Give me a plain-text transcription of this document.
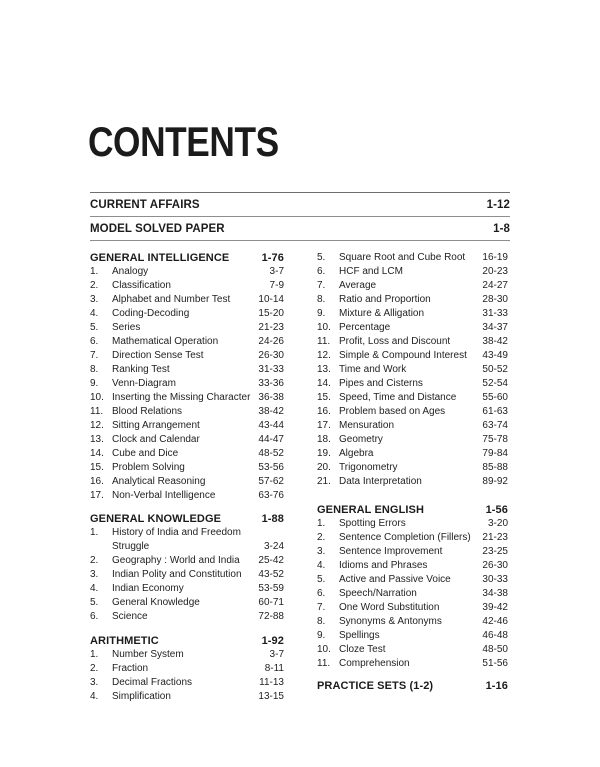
CONTENTS
CURRENT AFFAIRS	1-12
MODEL SOLVED PAPER	1-8
GENERAL INTELLIGENCE	1-76
1.	Analogy	3-7
2.	Classification	7-9
3.	Alphabet and Number Test	10-14
4.	Coding-Decoding	15-20
5.	Series	21-23
6.	Mathematical Operation	24-26
7.	Direction Sense Test	26-30
8.	Ranking Test	31-33
9.	Venn-Diagram	33-36
10. Inserting the Missing Character 36-38
11. Blood Relations	38-42
12. Sitting Arrangement	43-44
13. Clock and Calendar	44-47
14. Cube and Dice	48-52
15. Problem Solving	53-56
16. Analytical Reasoning	57-62
17. Non-Verbal Intelligence	63-76
GENERAL KNOWLEDGE	1-88
1.	History of India and Freedom Struggle	3-24
2.	Geography : World and India	25-42
3.	Indian Polity and Constitution	43-52
4.	Indian Economy	53-59
5.	General Knowledge	60-71
6.	Science	72-88
ARITHMETIC	1-92
1.	Number System	3-7
2.	Fraction	8-11
3.	Decimal Fractions	11-13
4.	Simplification	13-15
5.	Square Root and Cube Root	16-19
6.	HCF and LCM	20-23
7.	Average	24-27
8.	Ratio and Proportion	28-30
9.	Mixture & Alligation	31-33
10. Percentage	34-37
11. Profit, Loss and Discount	38-42
12. Simple & Compound Interest	43-49
13. Time and Work	50-52
14. Pipes and Cisterns	52-54
15. Speed, Time and Distance	55-60
16. Problem based on Ages	61-63
17. Mensuration	63-74
18. Geometry	75-78
19. Algebra	79-84
20. Trigonometry	85-88
21. Data Interpretation	89-92
GENERAL ENGLISH	1-56
1.	Spotting Errors	3-20
2.	Sentence Completion (Fillers)	21-23
3.	Sentence Improvement	23-25
4.	Idioms and Phrases	26-30
5.	Active and Passive Voice	30-33
6.	Speech/Narration	34-38
7.	One Word Substitution	39-42
8.	Synonyms & Antonyms	42-46
9.	Spellings	46-48
10. Cloze Test	48-50
11. Comprehension	51-56
PRACTICE SETS (1-2)	1-16
